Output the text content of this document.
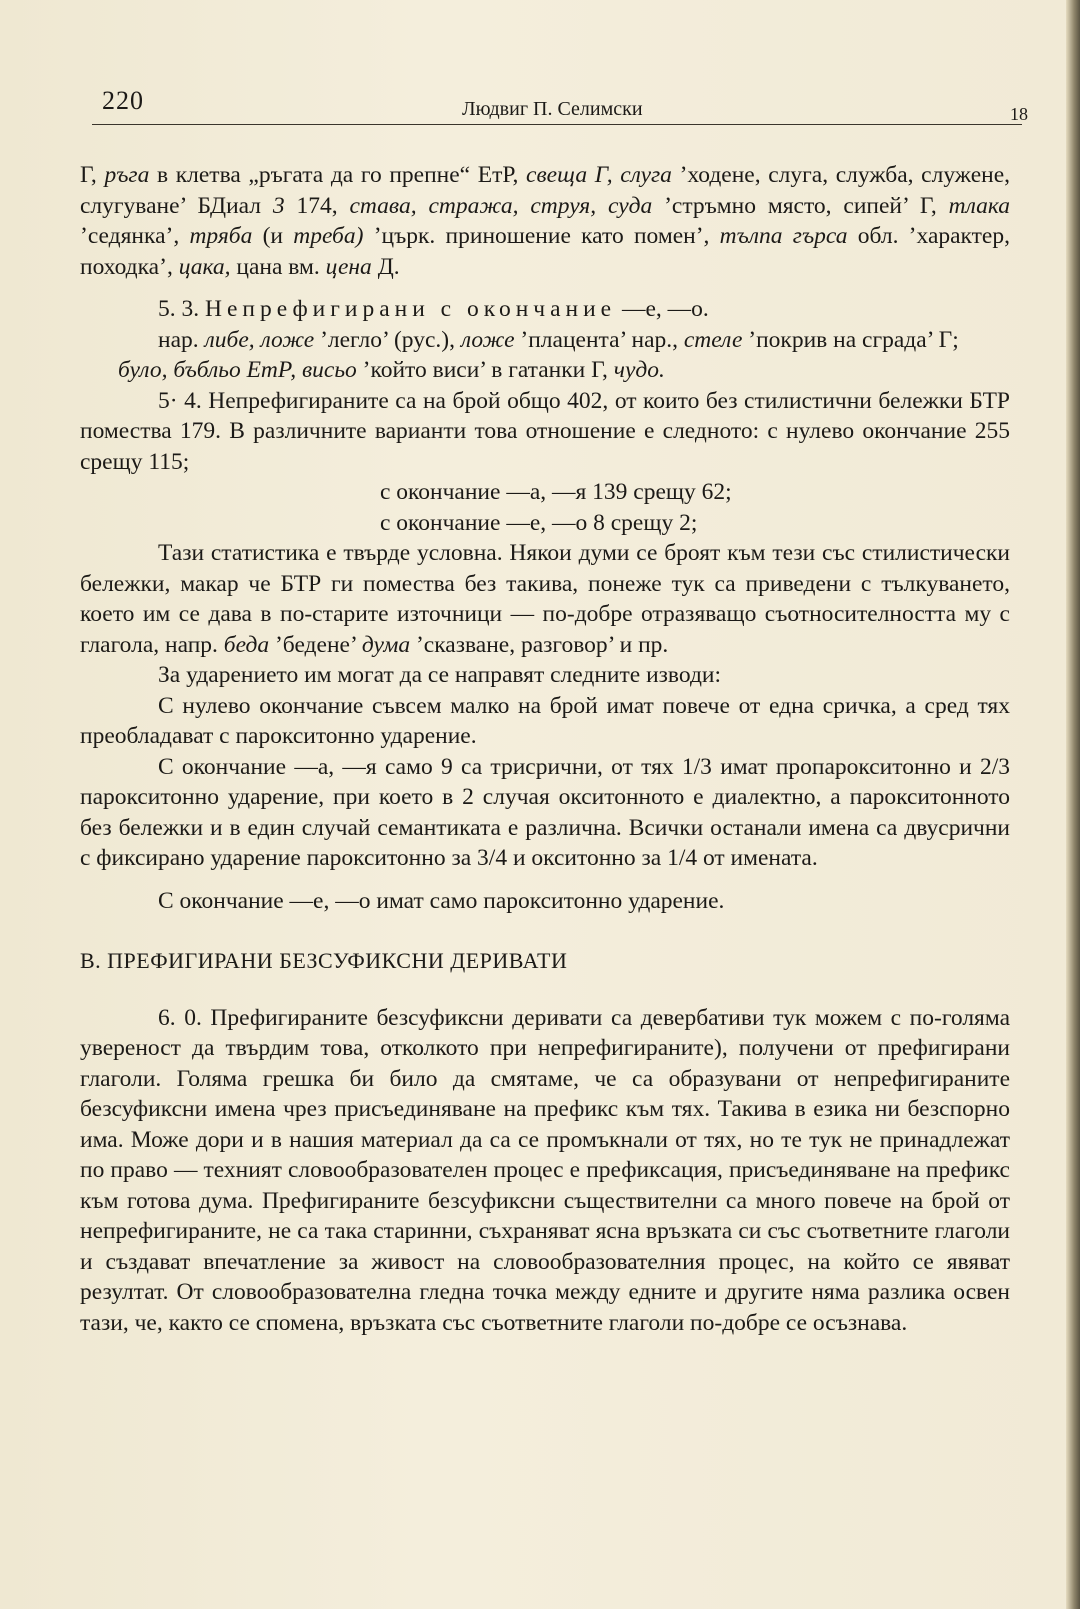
220	Людвиг П. Селимски	18

Г, ръга в клетва „ръгата да го препне“ ЕтР, свеща Г, слуга ’ходене, слуга, служба, служене, слугуване’ БДиал 3 174, става, стража, струя, суда ’стръмно място, сипей’ Г, тлака ’седянка’, тряба (и треба) ’църк. приношение като помен’, тълпа гърса обл. ’характер, походка’, цака, цана вм. цена Д.

5. 3. Непрефигирани с окончание —е, —о.

нар. либе, ложе ’легло’ (рус.), ложе ’плацента’ нар., стеле ’покрив на сграда’ Г;

було, бъбльо ЕтР, висьо ’който виси’ в гатанки Г, чудо.

5· 4. Непрефигираните са на брой общо 402, от които без стилистични бележки БТР помества 179. В различните варианти това отношение е следното: с нулево окончание 255 срещу 115;

с окончание —а, —я 139 срещу 62;

с окончание —е, —о 8 срещу 2;

Тази статистика е твърде условна. Някои думи се броят към тези със стилистически бележки, макар че БТР ги помества без такива, понеже тук са приведени с тълкуването, което им се дава в по-старите източници — по-добре отразяващо съотносителността му с глагола, напр. беда ’бедене’ дума ’сказване, разговор’ и пр.

За ударението им могат да се направят следните изводи:

С нулево окончание съвсем малко на брой имат повече от една сричка, а сред тях преобладават с парокситонно ударение.

С окончание —а, —я само 9 са трисрични, от тях 1/3 имат пропарокситонно и 2/3 парокситонно ударение, при което в 2 случая окситонното е диалектно, а парокситонното без бележки и в един случай семантиката е различна. Всички останали имена са двусрични с фиксирано ударение парокситонно за 3/4 и окситонно за 1/4 от имената.

С окончание —е, —о имат само парокситонно ударение.

В. ПРЕФИГИРАНИ БЕЗСУФИКСНИ ДЕРИВАТИ

6. 0. Префигираните безсуфиксни деривати са девербативи тук можем с по-голяма увереност да твърдим това, отколкото при непрефигираните), получени от префигирани глаголи. Голяма грешка би било да смятаме, че са образувани от непрефигираните безсуфиксни имена чрез присъединяване на префикс към тях. Такива в езика ни безспорно има. Може дори и в нашия материал да са се промъкнали от тях, но те тук не принадлежат по право — техният словообразователен процес е префиксация, присъединяване на префикс към готова дума. Префигираните безсуфиксни съществителни са много повече на брой от непрефигираните, не са така старинни, съхраняват ясна връзката си със съответните глаголи и създават впечатление за живост на словообразователния процес, на който се явяват резултат. От словообразователна гледна точка между едните и другите няма разлика освен тази, че, както се спомена, връзката със съответните глаголи по-добре се осъзнава.
